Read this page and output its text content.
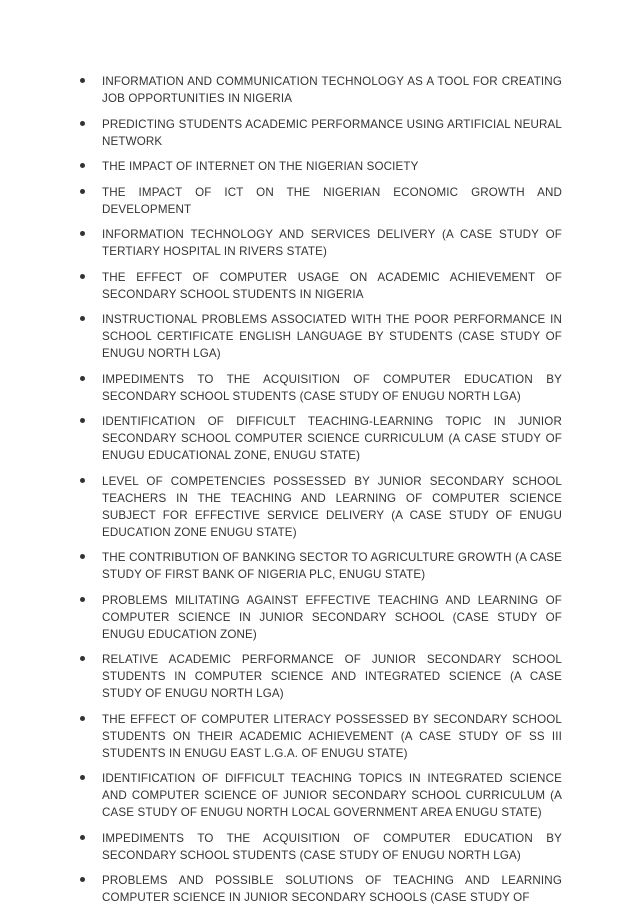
INFORMATION AND COMMUNICATION TECHNOLOGY AS A TOOL FOR CREATING JOB OPPORTUNITIES IN NIGERIA
PREDICTING STUDENTS ACADEMIC PERFORMANCE USING ARTIFICIAL NEURAL NETWORK
THE IMPACT OF INTERNET ON THE NIGERIAN SOCIETY
THE IMPACT OF ICT ON THE NIGERIAN ECONOMIC GROWTH AND DEVELOPMENT
INFORMATION TECHNOLOGY AND SERVICES DELIVERY (A CASE STUDY OF TERTIARY HOSPITAL IN RIVERS STATE)
THE EFFECT OF COMPUTER USAGE ON ACADEMIC ACHIEVEMENT OF SECONDARY SCHOOL STUDENTS IN NIGERIA
INSTRUCTIONAL PROBLEMS ASSOCIATED WITH THE POOR PERFORMANCE IN SCHOOL CERTIFICATE ENGLISH LANGUAGE BY STUDENTS (CASE STUDY OF ENUGU NORTH LGA)
IMPEDIMENTS TO THE ACQUISITION OF COMPUTER EDUCATION BY SECONDARY SCHOOL STUDENTS (CASE STUDY OF ENUGU NORTH LGA)
IDENTIFICATION OF DIFFICULT TEACHING-LEARNING TOPIC IN JUNIOR SECONDARY SCHOOL COMPUTER SCIENCE CURRICULUM (A CASE STUDY OF ENUGU EDUCATIONAL ZONE, ENUGU STATE)
LEVEL OF COMPETENCIES POSSESSED BY JUNIOR SECONDARY SCHOOL TEACHERS IN THE TEACHING AND LEARNING OF COMPUTER SCIENCE SUBJECT FOR EFFECTIVE SERVICE DELIVERY (A CASE STUDY OF ENUGU EDUCATION ZONE ENUGU STATE)
THE CONTRIBUTION OF BANKING SECTOR TO AGRICULTURE GROWTH (A CASE STUDY OF FIRST BANK OF NIGERIA PLC, ENUGU STATE)
PROBLEMS MILITATING AGAINST EFFECTIVE TEACHING AND LEARNING OF COMPUTER SCIENCE IN JUNIOR SECONDARY SCHOOL (CASE STUDY OF ENUGU EDUCATION ZONE)
RELATIVE ACADEMIC PERFORMANCE OF JUNIOR SECONDARY SCHOOL STUDENTS IN COMPUTER SCIENCE AND INTEGRATED SCIENCE (A CASE STUDY OF ENUGU NORTH LGA)
THE EFFECT OF COMPUTER LITERACY POSSESSED BY SECONDARY SCHOOL STUDENTS ON THEIR ACADEMIC ACHIEVEMENT (A CASE STUDY OF SS III STUDENTS IN ENUGU EAST L.G.A. OF ENUGU STATE)
IDENTIFICATION OF DIFFICULT TEACHING TOPICS IN INTEGRATED SCIENCE AND COMPUTER SCIENCE OF JUNIOR SECONDARY SCHOOL CURRICULUM (A CASE STUDY OF ENUGU NORTH LOCAL GOVERNMENT AREA ENUGU STATE)
IMPEDIMENTS TO THE ACQUISITION OF COMPUTER EDUCATION BY SECONDARY SCHOOL STUDENTS (CASE STUDY OF ENUGU NORTH LGA)
PROBLEMS AND POSSIBLE SOLUTIONS OF TEACHING AND LEARNING COMPUTER SCIENCE IN JUNIOR SECONDARY SCHOOLS (CASE STUDY OF
